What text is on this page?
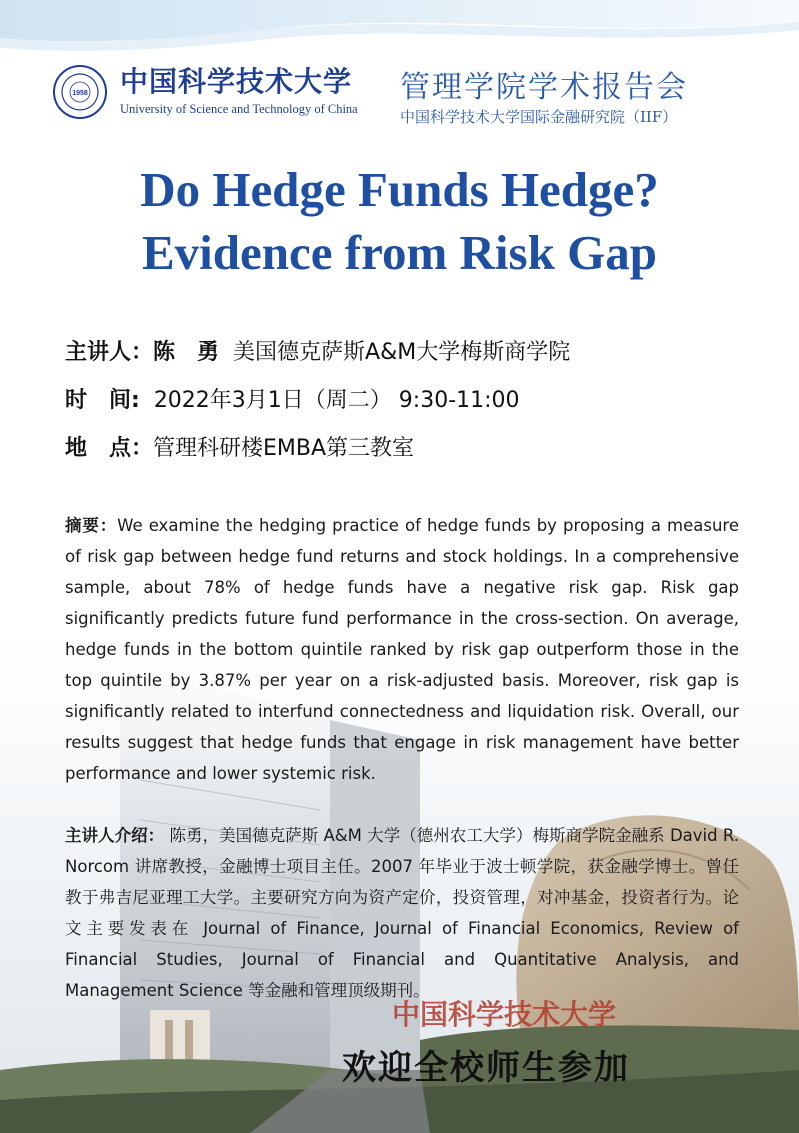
1958 中国科学技术大学
University of Science and Technology of China
管理学院学术报告会
中国科学技术大学国际金融研究院（IIF）
Do Hedge Funds Hedge?
Evidence from Risk Gap
主讲人：陈　勇 美国德克萨斯A&M大学梅斯商学院
时　间: 2022年3月1日（周二） 9:30-11:00
地　点：管理科研楼EMBA第三教室
摘要：We examine the hedging practice of hedge funds by proposing a measure of risk gap between hedge fund returns and stock holdings. In a comprehensive sample, about 78% of hedge funds have a negative risk gap. Risk gap significantly predicts future fund performance in the cross-section. On average, hedge funds in the bottom quintile ranked by risk gap outperform those in the top quintile by 3.87% per year on a risk-adjusted basis. Moreover, risk gap is significantly related to interfund connectedness and liquidation risk. Overall, our results suggest that hedge funds that engage in risk management have better performance and lower systemic risk.
主讲人介绍： 陈勇，美国德克萨斯 A&M 大学（德州农工大学）梅斯商学院金融系 David R. Norcom 讲席教授，金融博士项目主任。2007 年毕业于波士顿学院，获金融学博士。曾任教于弗吉尼亚理工大学。主要研究方向为资产定价，投资管理，对冲基金，投资者行为。论文主要发表在 Journal of Finance, Journal of Financial Economics, Review of Financial Studies, Journal of Financial and Quantitative Analysis, and Management Science 等金融和管理顶级期刊。
中国科学技术大学
欢迎全校师生参加
